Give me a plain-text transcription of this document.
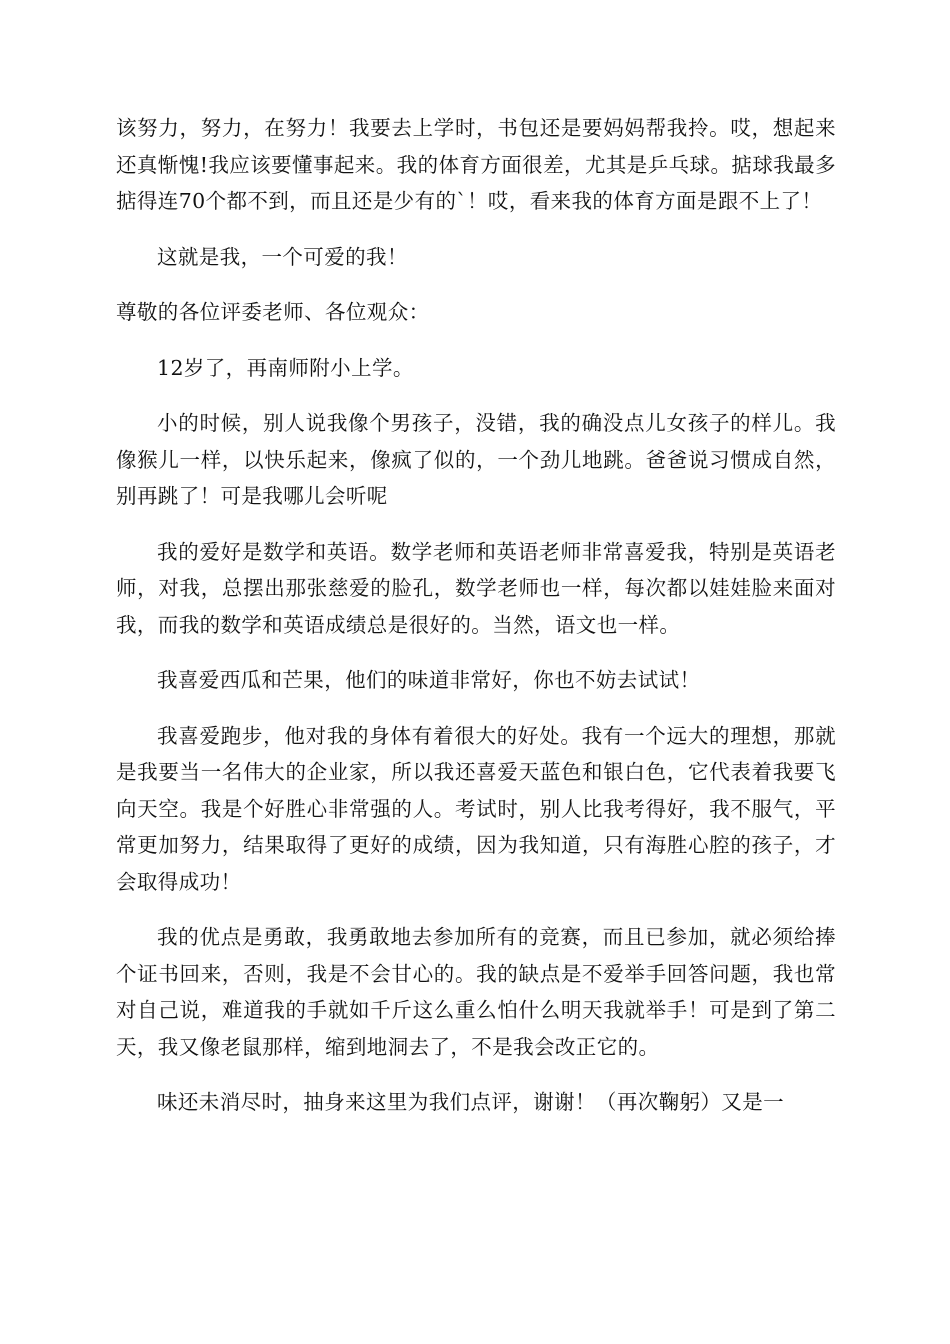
该努力，努力，在努力！我要去上学时，书包还是要妈妈帮我拎。哎，想起来还真惭愧!我应该要懂事起来。我的体育方面很差，尤其是乒乓球。掂球我最多掂得连70个都不到，而且还是少有的`！哎，看来我的体育方面是跟不上了！

这就是我，一个可爱的我！

尊敬的各位评委老师、各位观众：

12岁了，再南师附小上学。

小的时候，别人说我像个男孩子，没错，我的确没点儿女孩子的样儿。我像猴儿一样，以快乐起来，像疯了似的，一个劲儿地跳。爸爸说习惯成自然，别再跳了！可是我哪儿会听呢

我的爱好是数学和英语。数学老师和英语老师非常喜爱我，特别是英语老师，对我，总摆出那张慈爱的脸孔，数学老师也一样，每次都以娃娃脸来面对我，而我的数学和英语成绩总是很好的。当然，语文也一样。

我喜爱西瓜和芒果，他们的味道非常好，你也不妨去试试！

我喜爱跑步，他对我的身体有着很大的好处。我有一个远大的理想，那就是我要当一名伟大的企业家，所以我还喜爱天蓝色和银白色，它代表着我要飞向天空。我是个好胜心非常强的人。考试时，别人比我考得好，我不服气，平常更加努力，结果取得了更好的成绩，因为我知道，只有海胜心腔的孩子，才会取得成功！

我的优点是勇敢，我勇敢地去参加所有的竞赛，而且已参加，就必须给捧个证书回来，否则，我是不会甘心的。我的缺点是不爱举手回答问题，我也常对自己说，难道我的手就如千斤这么重么怕什么明天我就举手！可是到了第二天，我又像老鼠那样，缩到地洞去了，不是我会改正它的。

味还未消尽时，抽身来这里为我们点评，谢谢！（再次鞠躬）又是一
